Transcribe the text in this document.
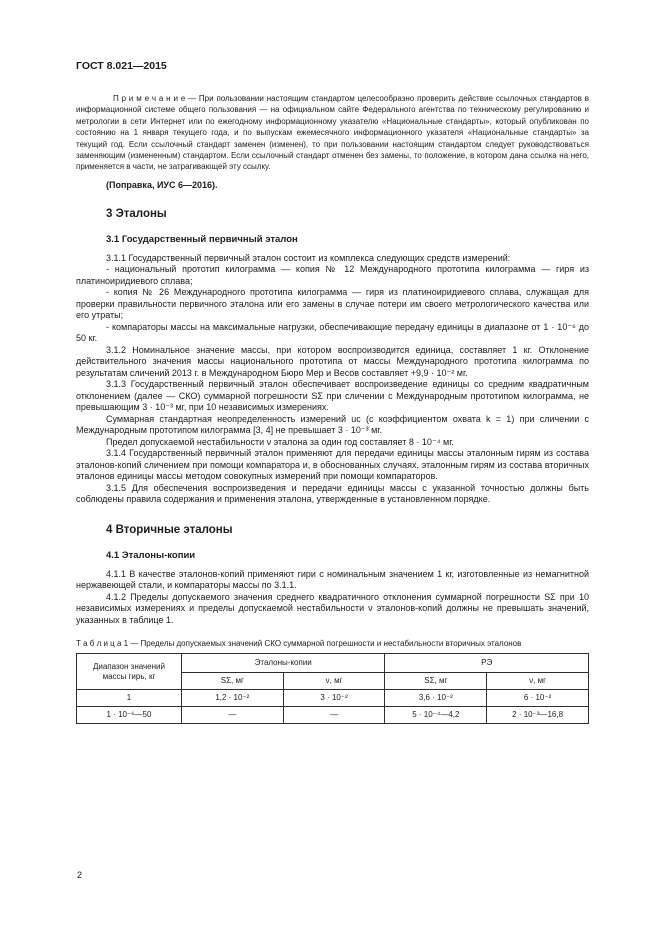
ГОСТ 8.021—2015

П р и м е ч а н и е — При пользовании настоящим стандартом целесообразно проверить действие ссылочных стандартов в информационной системе общего пользования — на официальном сайте Федерального агентства по техническому регулированию и метрологии в сети Интернет или по ежегодному информационному указателю «Национальные стандарты», который опубликован по состоянию на 1 января текущего года, и по выпускам ежемесячного информационного указателя «Национальные стандарты» за текущий год. Если ссылочный стандарт заменен (изменен), то при пользовании настоящим стандартом следует руководствоваться заменяющим (измененным) стандартом. Если ссылочный стандарт отменен без замены, то положение, в котором дана ссылка на него, применяется в части, не затрагивающей эту ссылку.

(Поправка, ИУС 6—2016).

3 Эталоны
3.1 Государственный первичный эталон

3.1.1 Государственный первичный эталон состоит из комплекса следующих средств измерений:

- национальный прототип килограмма — копия № 12 Международного прототипа килограмма — гиря из платиноиридиевого сплава;

- копия № 26 Международного прототипа килограмма — гиря из платиноиридиевого сплава, служащая для проверки правильности первичного эталона или его замены в случае потери им своего метрологического качества или его утраты;

- компараторы массы на максимальные нагрузки, обеспечивающие передачу единицы в диапазоне от 1 · 10⁻⁶ до 50 кг.

3.1.2 Номинальное значение массы, при котором воспроизводится единица, составляет 1 кг. Отклонение действительного значения массы национального прототипа от массы Международного прототипа килограмма по результатам сличений 2013 г. в Международном Бюро Мер и Весов составляет +9,9 · 10⁻² мг.

3.1.3 Государственный первичный эталон обеспечивает воспроизведение единицы со средним квадратичным отклонением (далее — СКО) суммарной погрешности SΣ при сличении с Международным прототипом килограмма, не превышающим 3 · 10⁻³ мг, при 10 независимых измерениях.

Суммарная стандартная неопределенность измерений uc (с коэффициентом охвата k = 1) при сличении с Международным прототипом килограмма [3, 4] не превышает 3 · 10⁻³ мг.

Предел допускаемой нестабильности ν эталона за один год составляет 8 · 10⁻⁴ мг.

3.1.4 Государственный первичный эталон применяют для передачи единицы массы эталонным гирям из состава эталонов-копий сличением при помощи компаратора и, в обоснованных случаях, эталонным гирям из состава вторичных эталонов единицы массы методом совокупных измерений при помощи компараторов.

3.1.5 Для обеспечения воспроизведения и передачи единицы массы с указанной точностью должны быть соблюдены правила содержания и применения эталона, утвержденные в установленном порядке.

4 Вторичные эталоны
4.1 Эталоны-копии

4.1.1 В качестве эталонов-копий применяют гири с номинальным значением 1 кг, изготовленные из немагнитной нержавеющей стали, и компараторы массы по 3.1.1.

4.1.2 Пределы допускаемого значения среднего квадратичного отклонения суммарной погрешности SΣ при 10 независимых измерениях и пределы допускаемой нестабильности ν эталонов-копий должны не превышать значений, указанных в таблице 1.

Т а б л и ц а 1 — Пределы допускаемых значений СКО суммарной погрешности и нестабильности вторичных эталонов

Диапазон значений массы гирь, кг	Эталоны-копии		РЭ	
	SΣ, мг	ν, мг	SΣ, мг	ν, мг
1	1,2 · 10⁻²	3 · 10⁻²	3,6 · 10⁻²	6 · 10⁻²
1 · 10⁻⁶—50	—	—	5 · 10⁻⁴—4,2	2 · 10⁻³—16,8
2
